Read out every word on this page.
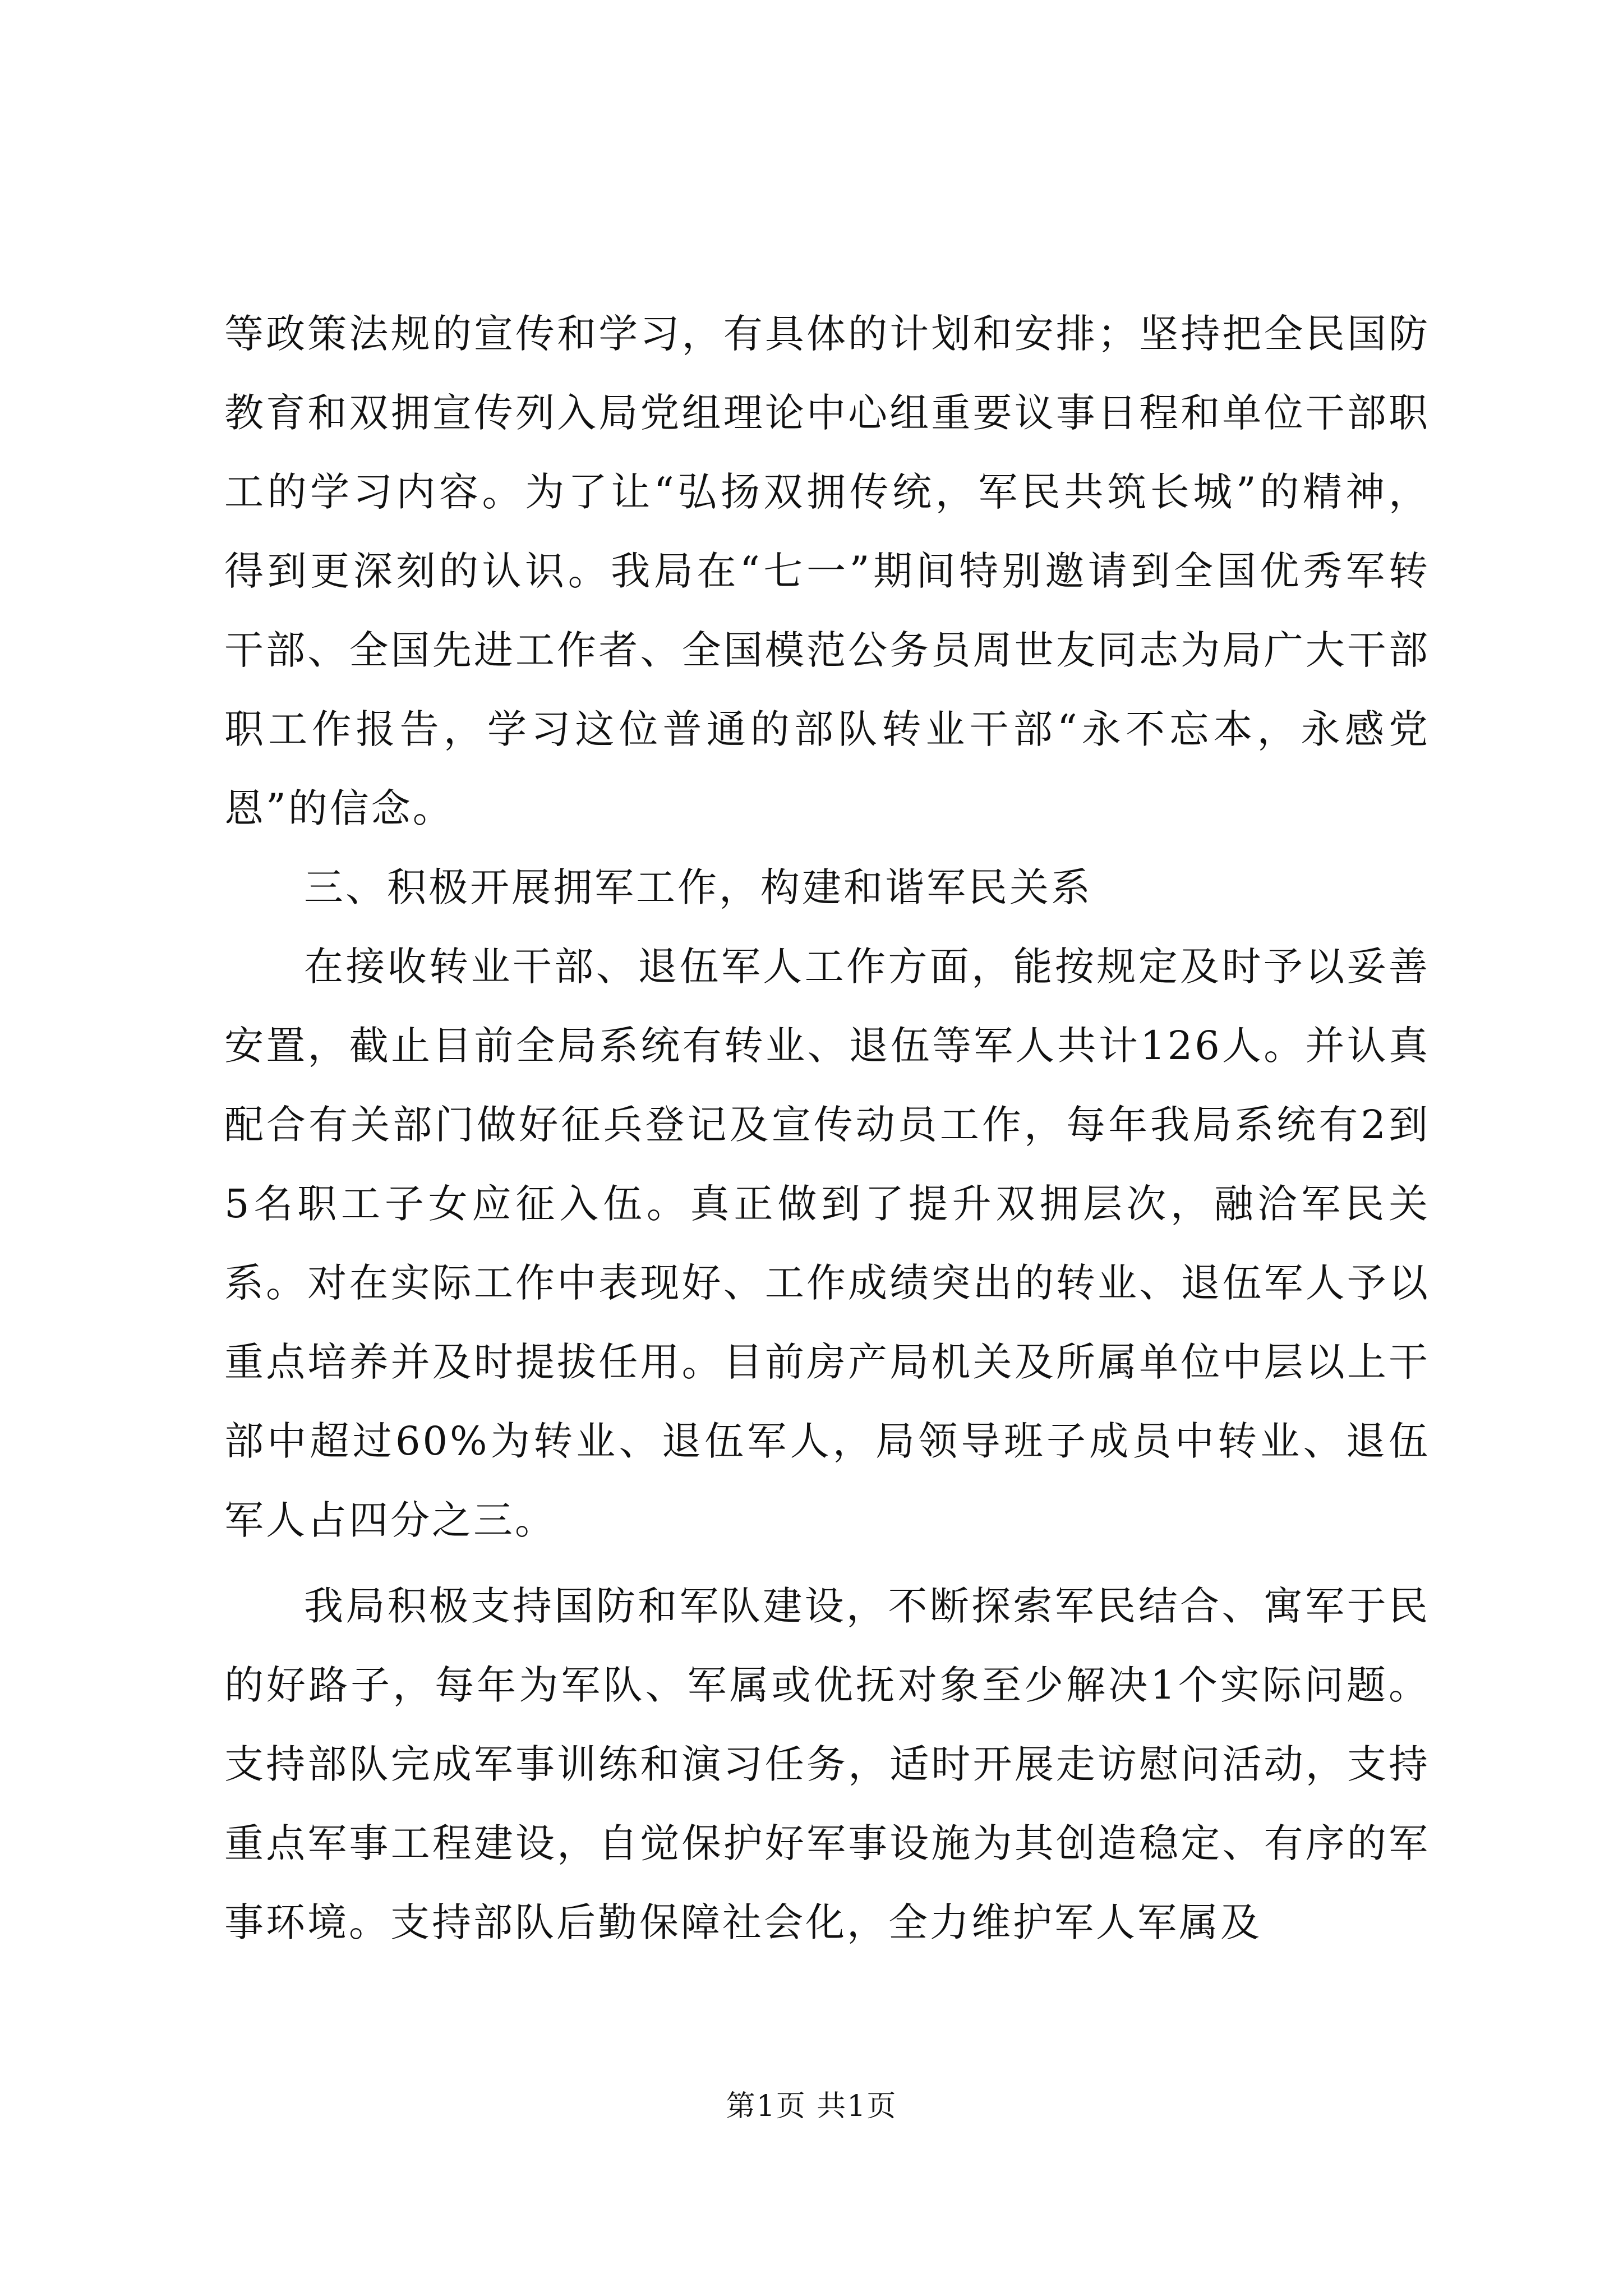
等政策法规的宣传和学习，有具体的计划和安排；坚持把全民国防教育和双拥宣传列入局党组理论中心组重要议事日程和单位干部职工的学习内容。为了让“弘扬双拥传统，军民共筑长城”的精神，得到更深刻的认识。我局在“七一”期间特别邀请到全国优秀军转干部、全国先进工作者、全国模范公务员周世友同志为局广大干部职工作报告，学习这位普通的部队转业干部“永不忘本，永感党恩”的信念。

三、积极开展拥军工作，构建和谐军民关系

在接收转业干部、退伍军人工作方面，能按规定及时予以妥善安置，截止目前全局系统有转业、退伍等军人共计126人。并认真配合有关部门做好征兵登记及宣传动员工作，每年我局系统有2到5名职工子女应征入伍。真正做到了提升双拥层次，融洽军民关系。对在实际工作中表现好、工作成绩突出的转业、退伍军人予以重点培养并及时提拔任用。目前房产局机关及所属单位中层以上干部中超过60%为转业、退伍军人，局领导班子成员中转业、退伍军人占四分之三。

我局积极支持国防和军队建设，不断探索军民结合、寓军于民的好路子，每年为军队、军属或优抚对象至少解决1个实际问题。支持部队完成军事训练和演习任务，适时开展走访慰问活动，支持重点军事工程建设，自觉保护好军事设施为其创造稳定、有序的军事环境。支持部队后勤保障社会化，全力维护军人军属及

第1页 共1页
